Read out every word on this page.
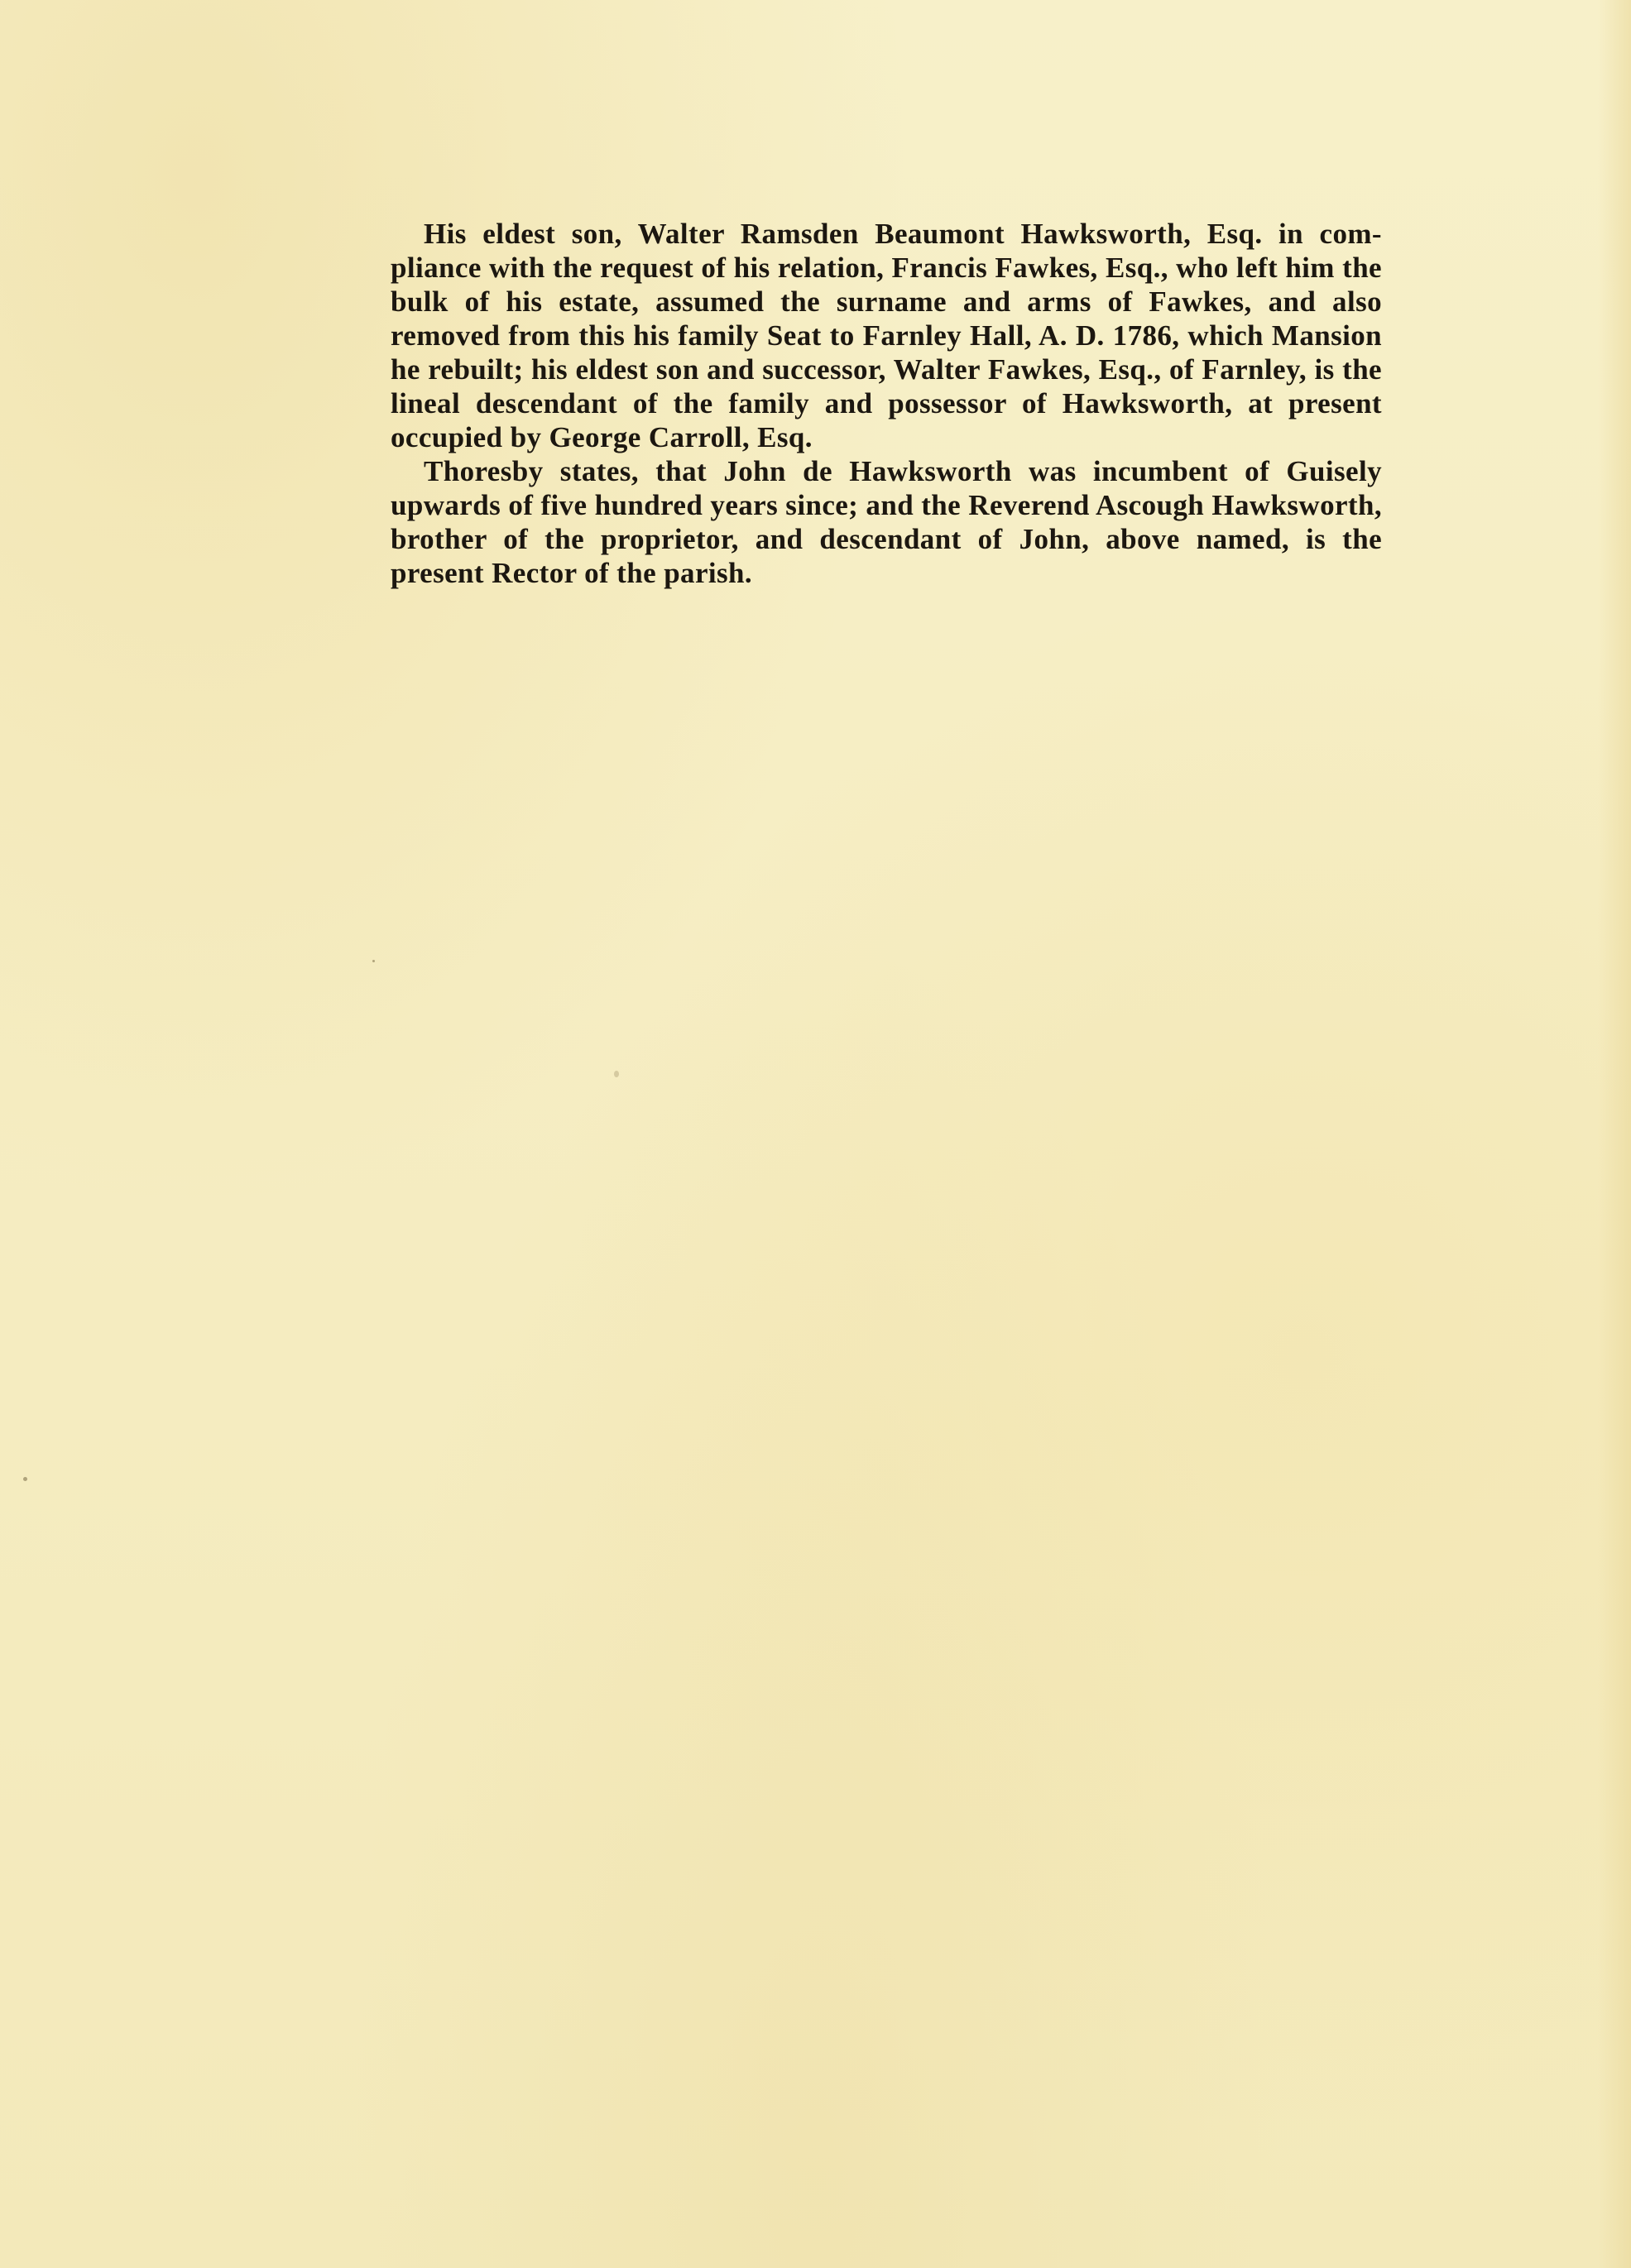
His eldest son, Walter Ramsden Beaumont Hawksworth, Esq. in com-pliance with the request of his relation, Francis Fawkes, Esq., who left him the bulk of his estate, assumed the surname and arms of Fawkes, and also removed from this his family Seat to Farnley Hall, A. D. 1786, which Mansion he rebuilt; his eldest son and successor, Walter Fawkes, Esq., of Farnley, is the lineal descendant of the family and possessor of Hawksworth, at present occupied by George Carroll, Esq.

Thoresby states, that John de Hawksworth was incumbent of Guisely upwards of five hundred years since; and the Reverend Ascough Hawksworth, brother of the proprietor, and descendant of John, above named, is the present Rector of the parish.
